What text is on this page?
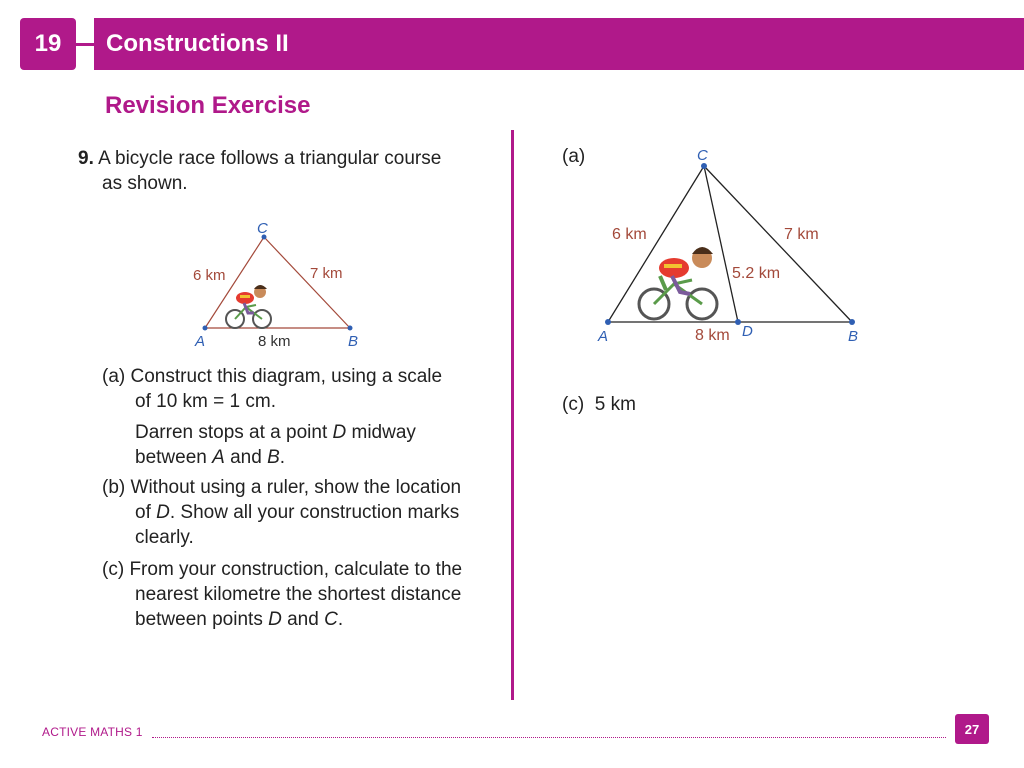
19	Constructions II
Revision Exercise
9. A bicycle race follows a triangular course
as shown.
C
A	B
6 km	7 km
8 km
(a) Construct this diagram, using a scale
of 10 km = 1 cm.
Darren stops at a point D midway
between A and B.
(b) Without using a ruler, show the location
of D. Show all your construction marks
clearly.
(c) From your construction, calculate to the
nearest kilometre the shortest distance
between points D and C.
(a)	C
A	B
D
6 km	7 km
8 km
5.2 km
(c) 5 km
ACTIVE MATHS 1	27
